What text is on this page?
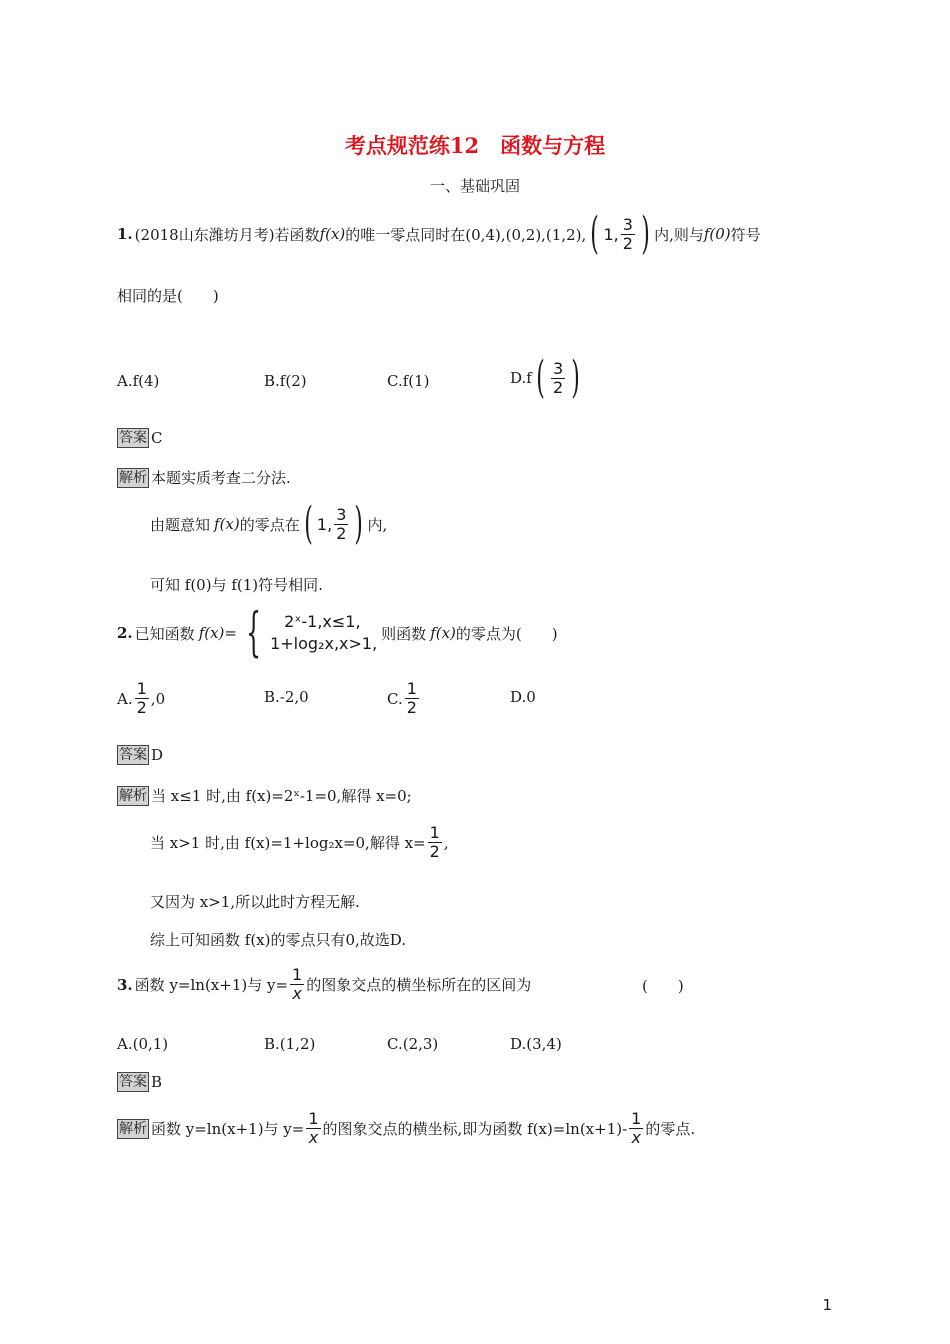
考点规范练12　函数与方程
一、基础巩固
1. (2018山东潍坊月考)若函数 f(x) 的唯一零点同时在(0,4),(0,2),(1,2), ( 1, $\frac{3}{2}$ ) 内,则与 f(0) 符号
相同的是(　　)
A.f(4)	B.f(2)	C.f(1)	D.f ( $\frac{3}{2}$ )
答案 C
解析 本题实质考查二分法.
由题意知 f(x) 的零点在 ( 1, $\frac{3}{2}$ ) 内,
可知 f(0)与 f(1)符号相同.
2. 已知函数 f(x) = {	2ˣ-1,x≤1,
1+log₂x,x>1,
则函数 f(x) 的零点为(　　)
A. $\frac{1}{2} ,0$	B.-2,0	C. $\frac{1}{2}$	D.0
答案 D
解析 当 x≤1 时,由 f(x)=2ˣ-1=0,解得 x=0;
当 x>1 时,由 f(x)=1+log₂x=0,解得 $x= \frac{1}{2}$ ,
又因为 x>1,所以此时方程无解.
综上可知函数 f(x)的零点只有0,故选D.
3. 函数 y=ln(x+1)与 $y= \frac{1}{x}$ 的图象交点的横坐标所在的区间为	(　　)
A.(0,1)	B.(1,2)	C.(2,3)	D.(3,4)
答案 B
解析 函数 y=ln(x+1)与 $y= \frac{1}{x}$ 的图象交点的横坐标,即为函数 $f(x)=\ln(x+1)- \frac{1}{x}$ 的零点.
1
